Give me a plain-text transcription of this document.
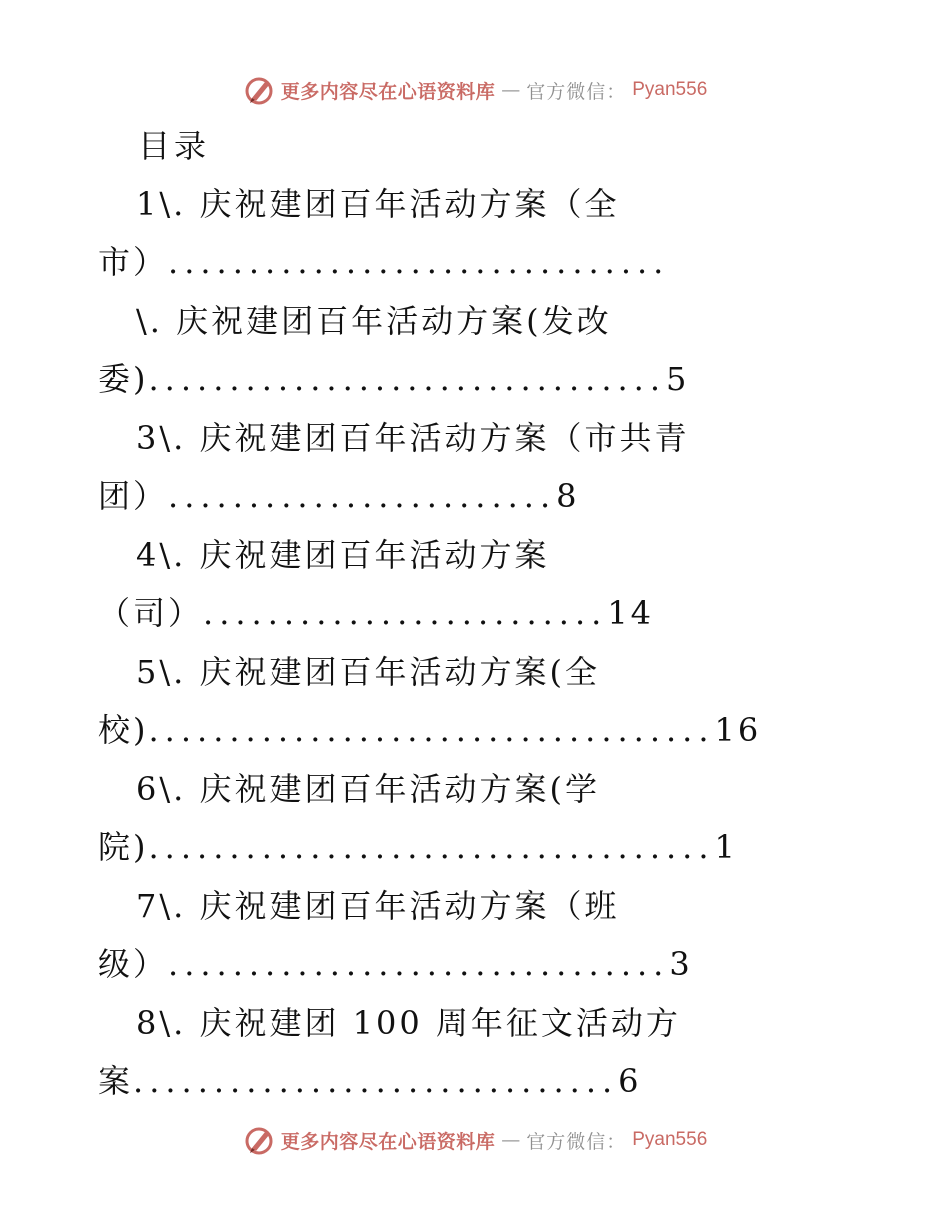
更多内容尽在心语资料库 — 官方微信： Pyan556
目录
1\. 庆祝建团百年活动方案（全
市）...............................
\. 庆祝建团百年活动方案(发改
委)................................5
3\. 庆祝建团百年活动方案（市共青
团）........................8
4\. 庆祝建团百年活动方案
（司）.........................14
5\. 庆祝建团百年活动方案(全
校)...................................16
6\. 庆祝建团百年活动方案(学
院)...................................1
7\. 庆祝建团百年活动方案（班
级）...............................3
8\. 庆祝建团 100 周年征文活动方
案..............................6
更多内容尽在心语资料库 — 官方微信： Pyan556
